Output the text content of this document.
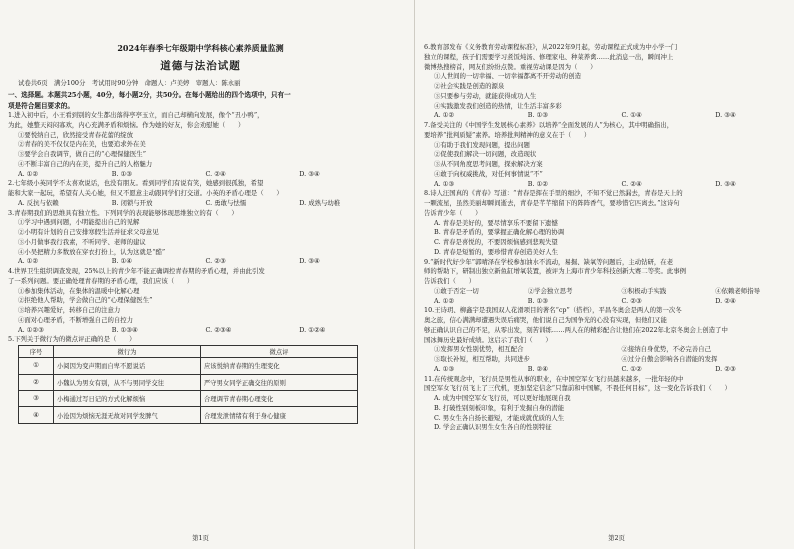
2024年春季七年级期中学科核心素养质量监测
道德与法治试题
试卷共6页　满分100分　考试用时90分钟　命题人：卢美婷　审题人：陈永丽
一、选择题。本题共25小题，40分，每小题2分，共50分。在每小题给出的四个选项中，只有一
项是符合题目要求的。
1.进入初中后，小王看到别的女生都出落得亭亭玉立，而自己却横向发展，像个“丑小鸭”，
为此，她整天闷闷寡欢，内心充满矛盾和烦恼。作为她的好友，你会劝慰她（　　）
①要悦纳自己，欣然接受青春花蕾的绽放
②青春的美不仅仅是内在美，也要追求外在美
③要学会自我调节，做自己的“心理保健医生”
④不断丰富自己的内在美，提升自己的人格魅力
A. ①②	B. ①③	C. ②④	D. ③④
2.七年级小英同学不太喜欢说话，也没有朋友。看到同学们有说有笑，她感到很孤独，希望
能和大家一起玩，希望有人关心她，但又不愿意主动跟同学们打交道。小英的矛盾心理是（　　）
A. 反抗与依赖	B. 闭锁与开放	C. 勇敢与怯懦	D. 成熟与幼稚
3.青春期我们的思维具有独立性。下列同学的表现能够体现思维独立的有（　　）
①学习中遇到问题，小明能提出自己的见解
②小明有计划的自己安排寒假生活并征求父母意见
③小月做事我行我素，不听同学、老师的建议
④小吴把精力多数放在穿衣打扮上，认为这就是“酷”
A. ①②	B. ①④	C. ②③	D. ③④
4.世界卫生组织调查发现，25%以上的青少年不能正确调控青春期的矛盾心理，并由此引发
了一系列问题。要正确处理青春期的矛盾心理，我们应该（　　）
①参加集体活动，在集体的温暖中化解心理
②拒绝他人帮助，学会做自己的“心理保健医生”
③培养兴趣爱好，转移自己的注意力
④面对心理矛盾，不断增强自己的自控力
A. ①②③	B. ①③④	C. ②③④	D. ①②④
5.下列关于微行为的微点评正确的是（　　）
序号	微行为	微点评
①	小阅因为变声期而自卑不愿说话	应该悦纳青春期的生理变化
②	小魏认为男女有别，从不与男同学交往	严守男女同学正确交往的原则
③	小梅通过写日记的方式化解烦恼	合理调节青春期心理变化
④	小沧因为烦恼无涯无故对同学发脾气	合理发泄情绪有利于身心健康
第1页
6.教育部发布《义务教育劳动课程标准》，从2022年9月起，劳动课程正式成为中小学一门
独立的课程，孩子们需要学习煮饭炖汤、修理家电、种菜养禽……此消息一出，瞬间冲上
微博热搜榜首，网友们纷纷点赞。重视劳动课是因为（　　）
①人世间的一切幸福、一切幸福都离不开劳动的创造
②社会实践是创造的源泉
③只要参与劳动，就能获得成功人生
④实践激发我们创造的热情，让生活丰富多彩
A. ①②	B. ①③	C. ①④	D. ③④
7.备受关注的《中国学生发展核心素养》以培养“全面发展的人”为核心，其中明确指出，
要培养“批判质疑”素养。培养批判精神的意义在于（　　）
①有助于我们发现问题，提出问题
②促使我们解决一切问题，改造现状
③从不同角度思考问题，探索解决方案
④敢于向权威挑战，对任何事情说“不”
A. ①③	B. ①②	C. ②④	D. ③④
8.诗人汪国真的《青春》写道：“青春是挥在手里的细沙，不知不觉已然漏去，青春是天上的
一颗流星，虽然美丽却瞬间逝去，青春是芊芊缩留下的阵阵香气，要珍惜它匹离去。”这诗句
告诉青少年（　　）
A. 青春是美好的，要尽情享乐不要留下遗憾
B. 青春是矛盾的，要掌握正确化解心理的协调
C. 青春是喜悦的，不要因烦恼感到悲观失望
D. 青春是短暂的，要珍惜青春创造美好人生
9.“新时代好少年”郭晴泽在学校参加油水不流动，易掘、缺氧等问题后，主动钻研，在老
师的帮助下，研制出独立新鱼缸增氧装置，被评为上海市青少年科技创新大赛二等奖。此事例
告诉我们（　　）
①敢于否定一切	②学会独立思考	③积极动手实践	④依赖老师指导
A. ①②	B. ①③	C. ②③	D. ②④
10.王诗玥、柳鑫宇是我国双人花滑项目的著名“cp”（搭档），平昌冬奥会是两人的第一次冬
奥之旅，信心满满却遭遇失误后痛哭，他们说自己为国争光的心没有实现，但他们又能
够正确认识自己的不足，从零出发，刻苦训练……两人在的精彩配合让他们在2022年北京冬奥会上创造了中
国冰舞历史最好成绩。这启示了我们（　　）
①发挥男女性别优势，相互配合	②接纳自身优势，不必完善自己
③取长补短，相互帮助，共同进步	④过分自傲会影响各自潜能的发挥
A. ①③	B. ②④	C. ①②	D. ②③
11.在传统观念中，飞行员是男性从事的职业，在中国空军女飞行员越来越多，一批年轻的中
国空军女飞行员飞上了三代机，更加坚定信念“只靠前和中国解，不畏任何目标”，这一变化告诉我们（　　）
A. 成为中国空军女飞行员，可以更好地展现自我
B. 打破性别刻板印象，有利于发掘自身的潜能
C. 男女生各自扬长避短，才能成就优质的人生
D. 学会正确认识男生女生各自的性别特征
第2页
